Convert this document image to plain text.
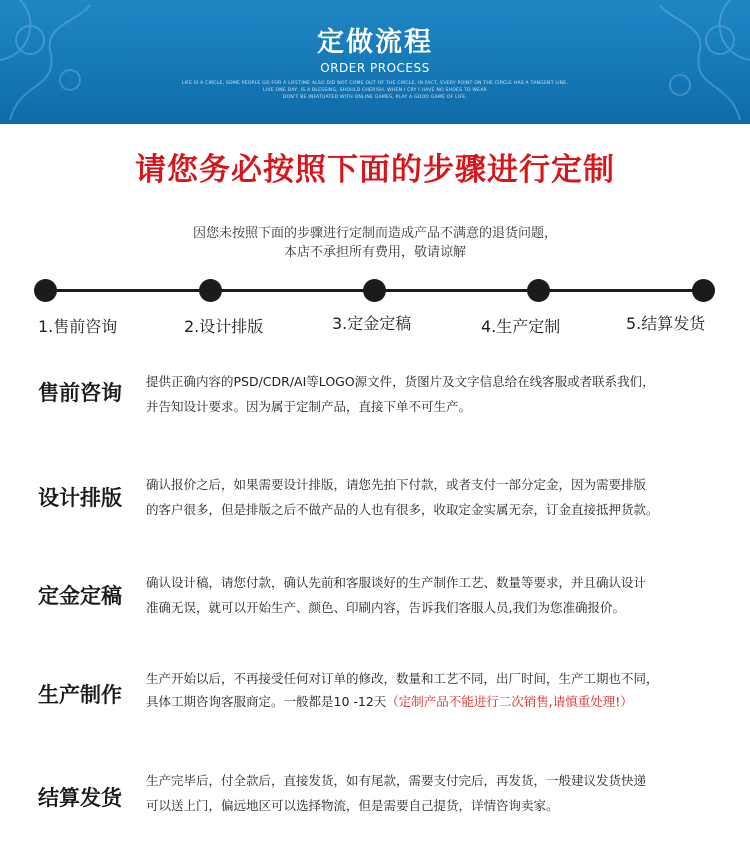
定做流程
ORDER PROCESS
LIFE IS A CIRCLE, SOME PEOPLE GO FOR A LIFETIME ALSO DID NOT COME OUT OF THE CIRCLE, IN FACT, EVERY POINT ON THE CIRCLE HAS A TANGENT LINE.
LIVE ONE DAY, IS A BLESSING, SHOULD CHERISH. WHEN I CRY I HAVE NO SHOES TO WEAR
DON'T BE INFATUATED WITH ONLINE GAMES, PLAY A GOOD GAME OF LIFE.
请您务必按照下面的步骤进行定制
因您未按照下面的步骤进行定制而造成产品不满意的退货问题，
本店不承担所有费用，敬请谅解
1.售前咨询	2.设计排版	3.定金定稿	4.生产定制	5.结算发货
售前咨询 提供正确内容的PSD/CDR/AI等LOGO源文件，货图片及文字信息给在线客服或者联系我们，
并告知设计要求。因为属于定制产品，直接下单不可生产。
设计排版
确认报价之后，如果需要设计排版，请您先拍下付款，或者支付一部分定金，因为需要排版
的客户很多，但是排版之后不做产品的人也有很多，收取定金实属无奈，订金直接抵押货款。
定金定稿
确认设计稿，请您付款，确认先前和客服谈好的生产制作工艺、数量等要求，并且确认设计
准确无误，就可以开始生产、颜色、印刷内容，告诉我们客服人员,我们为您准确报价。
生产制作
生产开始以后，不再接受任何对订单的修改，数量和工艺不同，出厂时间，生产工期也不同，
具体工期咨询客服商定。一般都是10 -12天（定制产品不能进行二次销售,请慎重处理!）
结算发货
生产完毕后，付全款后，直接发货，如有尾款，需要支付完后，再发货，一般建议发货快递
可以送上门，偏远地区可以选择物流，但是需要自己提货，详情咨询卖家。
